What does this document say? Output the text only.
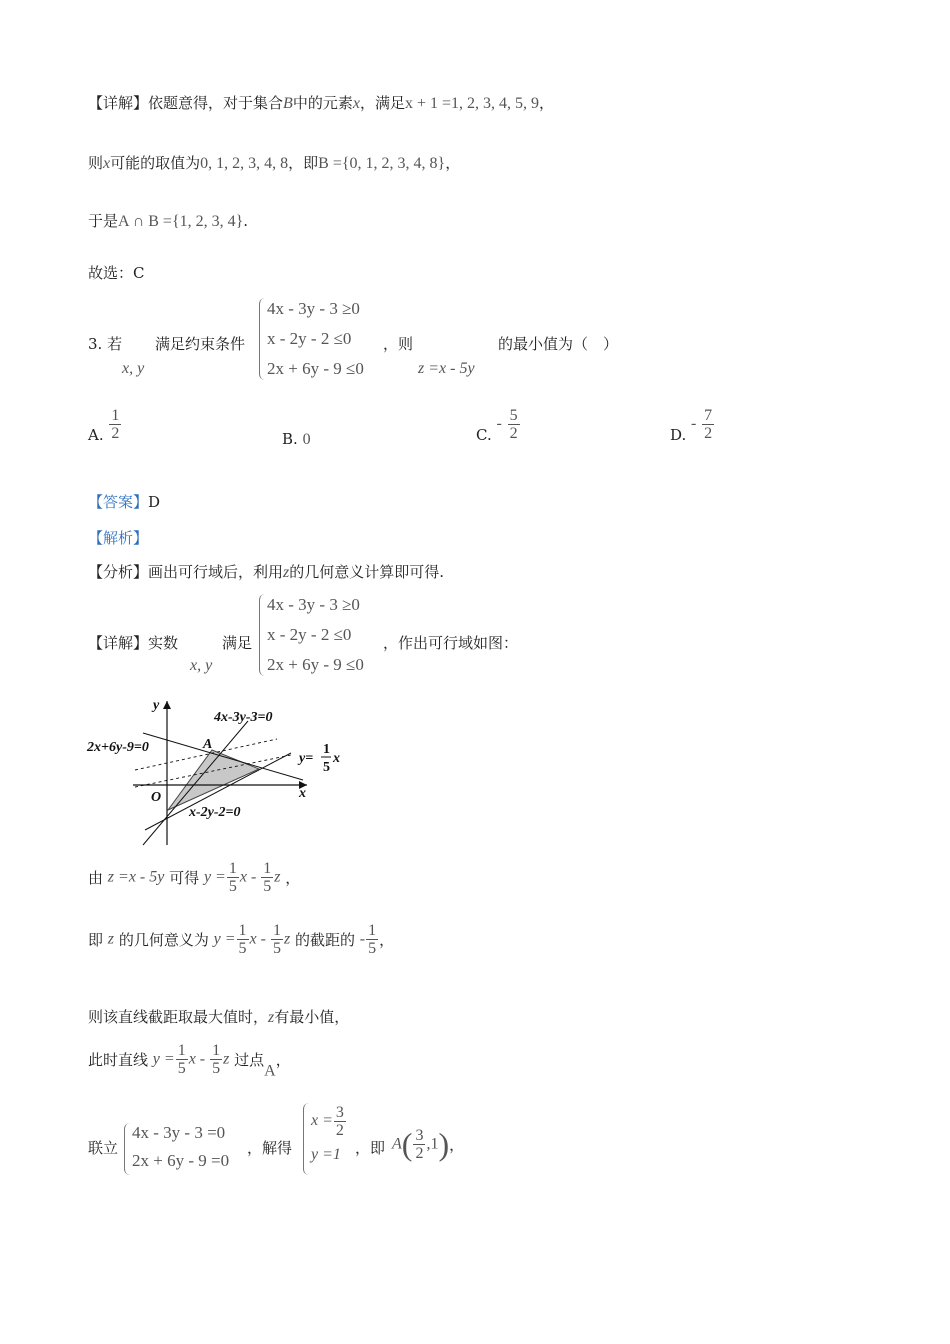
【详解】依题意得，对于集合B中的元素x，满足x + 1 =1, 2, 3, 4, 5, 9，
则x可能的取值为0, 1, 2, 3, 4, 8，即B ={0, 1, 2, 3, 4, 8}，
于是A ∩ B ={1, 2, 3, 4}.
故选：C
3. 若
x, y
满足约束条件
4x - 3y - 3 ≥0
x - 2y - 2 ≤0
2x + 6y - 9 ≤0
，则
z =x - 5y
的最小值为（　）
A. $\frac{1}{2}$	B. 0	C. - $\frac{5}{2}$	D. - $\frac{7}{2}$
【答案】D
【解析】
【分析】画出可行域后，利用z的几何意义计算即可得.
【详解】实数
x, y
满足
4x - 3y - 3 ≥0
x - 2y - 2 ≤0
2x + 6y - 9 ≤0
，作出可行域如图：
y
x
O
A
4x-3y-3=0
2x+6y-9=0
x-2y-2=0
y=
1
5
x
由 z =x - 5y 可得 $y = \frac{1}{5}$ x - $\frac{1}{5}$ z ，
即 z 的几何意义为 $y = \frac{1}{5}$ x - $\frac{1}{5}$ z 的截距的 - $\frac{1}{5}$ ，
则该直线截距取最大值时，z有最小值，
此时直线 $y = \frac{1}{5}$ x - $\frac{1}{5}$ z 过点A，
联立
4x - 3y - 3 =0
2x + 6y - 9 =0
，解得
$x = \frac{3}{2}$
y =1 ，即 $A( \frac{3}{2} ,1)$，
